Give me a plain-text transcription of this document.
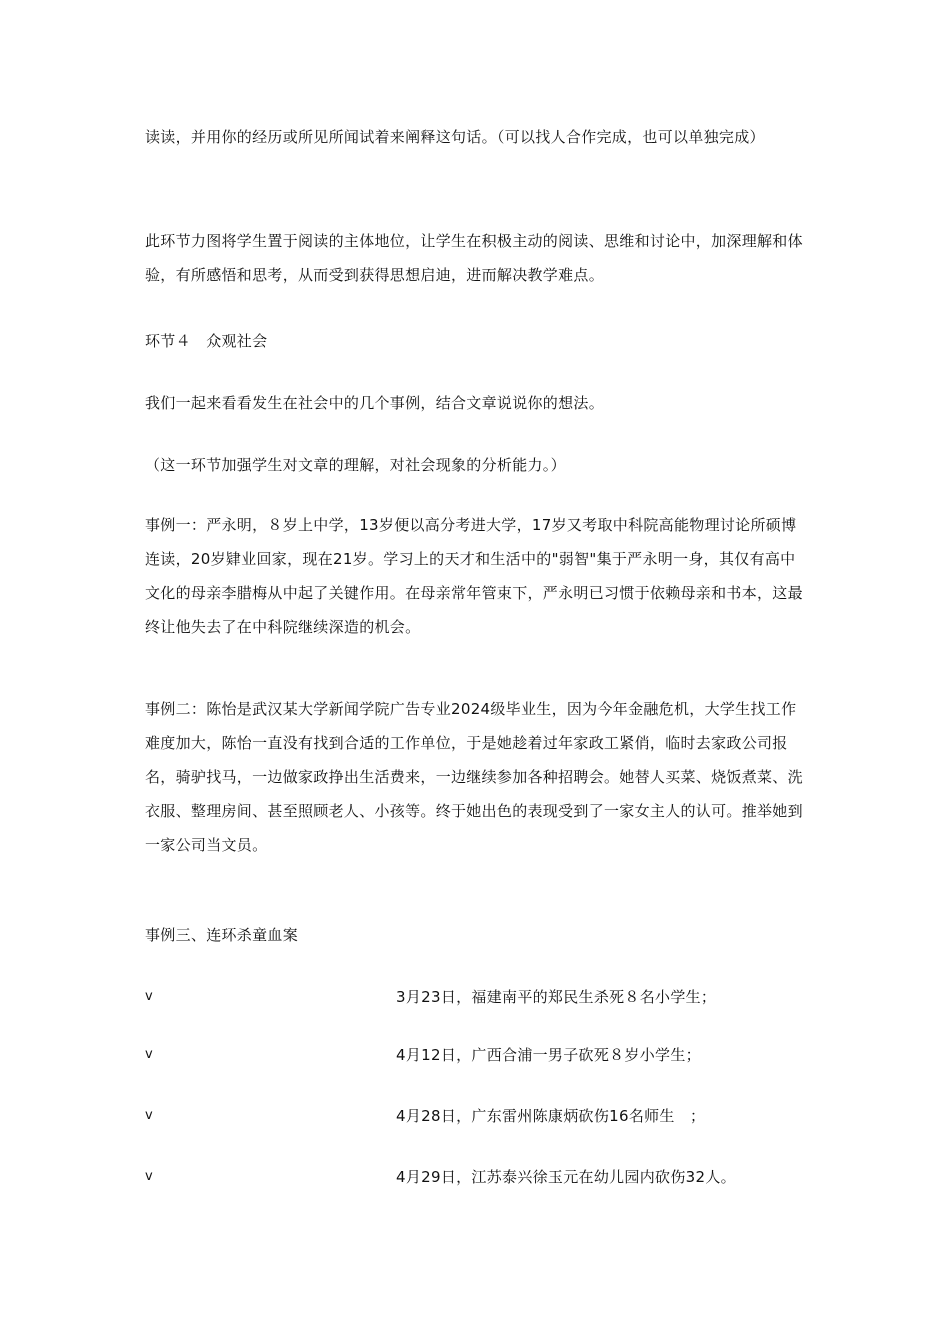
读读，并用你的经历或所见所闻试着来阐释这句话。（可以找人合作完成，也可以单独完成）

此环节力图将学生置于阅读的主体地位，让学生在积极主动的阅读、思维和讨论中，加深理解和体验，有所感悟和思考，从而受到获得思想启迪，进而解决教学难点。

环节４　众观社会

我们一起来看看发生在社会中的几个事例，结合文章说说你的想法。

（这一环节加强学生对文章的理解，对社会现象的分析能力。）

事例一：严永明，８岁上中学，13岁便以高分考进大学，17岁又考取中科院高能物理讨论所硕博连读，20岁肄业回家，现在21岁。学习上的天才和生活中的"弱智"集于严永明一身，其仅有高中文化的母亲李腊梅从中起了关键作用。在母亲常年管束下，严永明已习惯于依赖母亲和书本，这最终让他失去了在中科院继续深造的机会。

事例二：陈怡是武汉某大学新闻学院广告专业2024级毕业生，因为今年金融危机，大学生找工作难度加大，陈怡一直没有找到合适的工作单位，于是她趁着过年家政工紧俏，临时去家政公司报名，骑驴找马，一边做家政挣出生活费来，一边继续参加各种招聘会。她替人买菜、烧饭煮菜、洗衣服、整理房间、甚至照顾老人、小孩等。终于她出色的表现受到了一家女主人的认可。推举她到一家公司当文员。

事例三、连环杀童血案

v	3月23日，福建南平的郑民生杀死８名小学生；
v	4月12日，广西合浦一男子砍死８岁小学生；
v	4月28日，广东雷州陈康炳砍伤16名师生　；
v	4月29日，江苏泰兴徐玉元在幼儿园内砍伤32人。
